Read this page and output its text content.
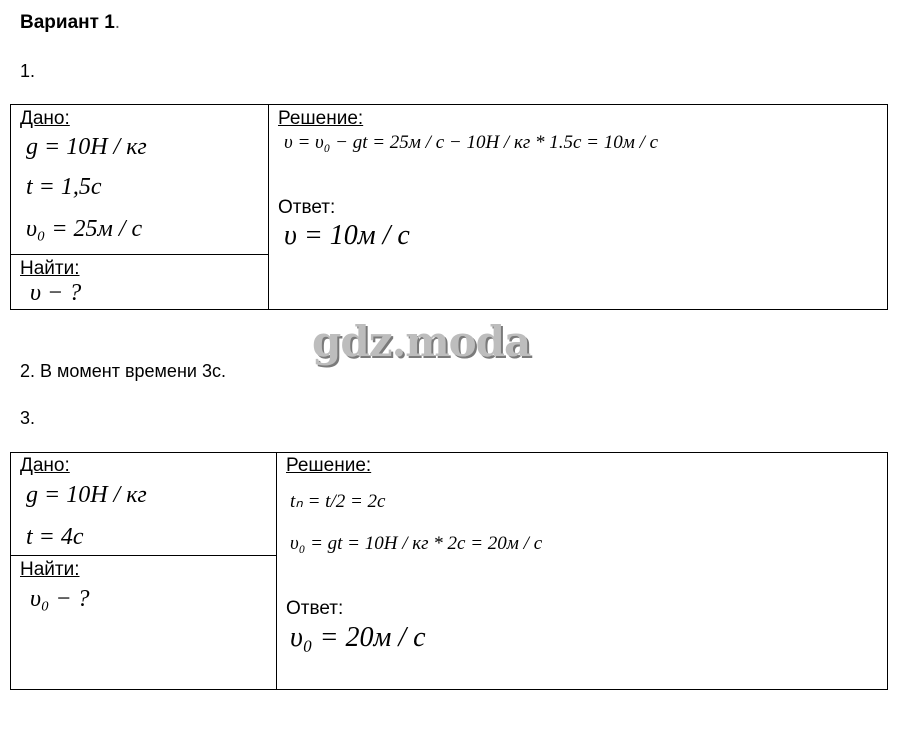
Вариант 1.
1.
Дано:
g = 10Н / кг
t = 1,5с
υ₀ = 25м / с
Найти:
υ − ?
Решение:
υ = υ₀ − gt = 25м / с − 10Н / кг * 1.5с = 10м / с
Ответ:
υ = 10м / с
gdz.moda
2. В момент времени 3с.
3.
Дано:
g = 10Н / кг
t = 4с
Найти:
υ₀ − ?
Решение:
tₙ = t/2 = 2с
υ₀ = gt = 10Н / кг * 2с = 20м / с
Ответ:
υ₀ = 20м / с
